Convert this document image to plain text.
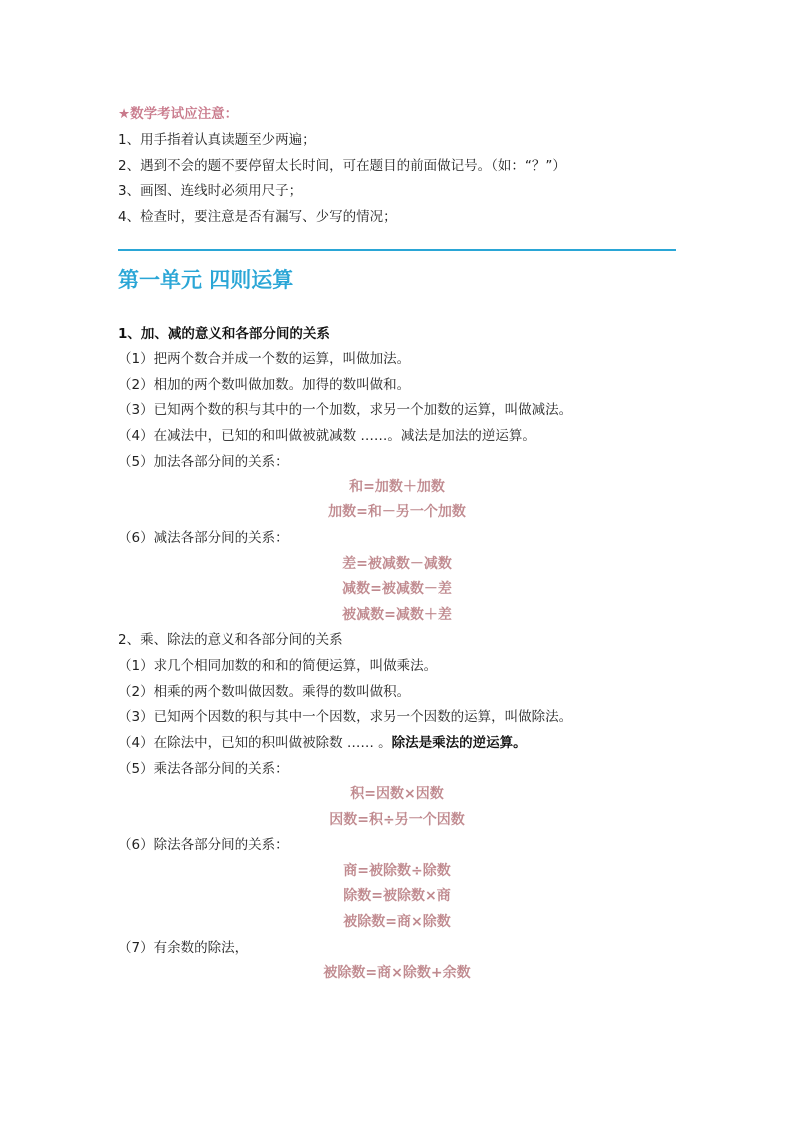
★数学考试应注意：
1、用手指着认真读题至少两遍；
2、遇到不会的题不要停留太长时间，可在题目的前面做记号。（如：“？”）
3、画图、连线时必须用尺子；
4、检查时，要注意是否有漏写、少写的情况；
第一单元 四则运算
1、加、减的意义和各部分间的关系
（1）把两个数合并成一个数的运算，叫做加法。
（2）相加的两个数叫做加数。加得的数叫做和。
（3）已知两个数的积与其中的一个加数，求另一个加数的运算，叫做减法。
（4）在减法中，已知的和叫做被就减数 ……。减法是加法的逆运算。
（5）加法各部分间的关系：
和=加数＋加数
加数=和－另一个加数
（6）减法各部分间的关系：
差=被减数－减数
减数=被减数－差
被减数=减数＋差
2、乘、除法的意义和各部分间的关系
（1）求几个相同加数的和和的简便运算，叫做乘法。
（2）相乘的两个数叫做因数。乘得的数叫做积。
（3）已知两个因数的积与其中一个因数，求另一个因数的运算，叫做除法。
（4）在除法中，已知的积叫做被除数 …… 。除法是乘法的逆运算。
（5）乘法各部分间的关系：
积=因数×因数
因数=积÷另一个因数
（6）除法各部分间的关系：
商=被除数÷除数
除数=被除数×商
被除数=商×除数
（7）有余数的除法，
被除数=商×除数+余数
